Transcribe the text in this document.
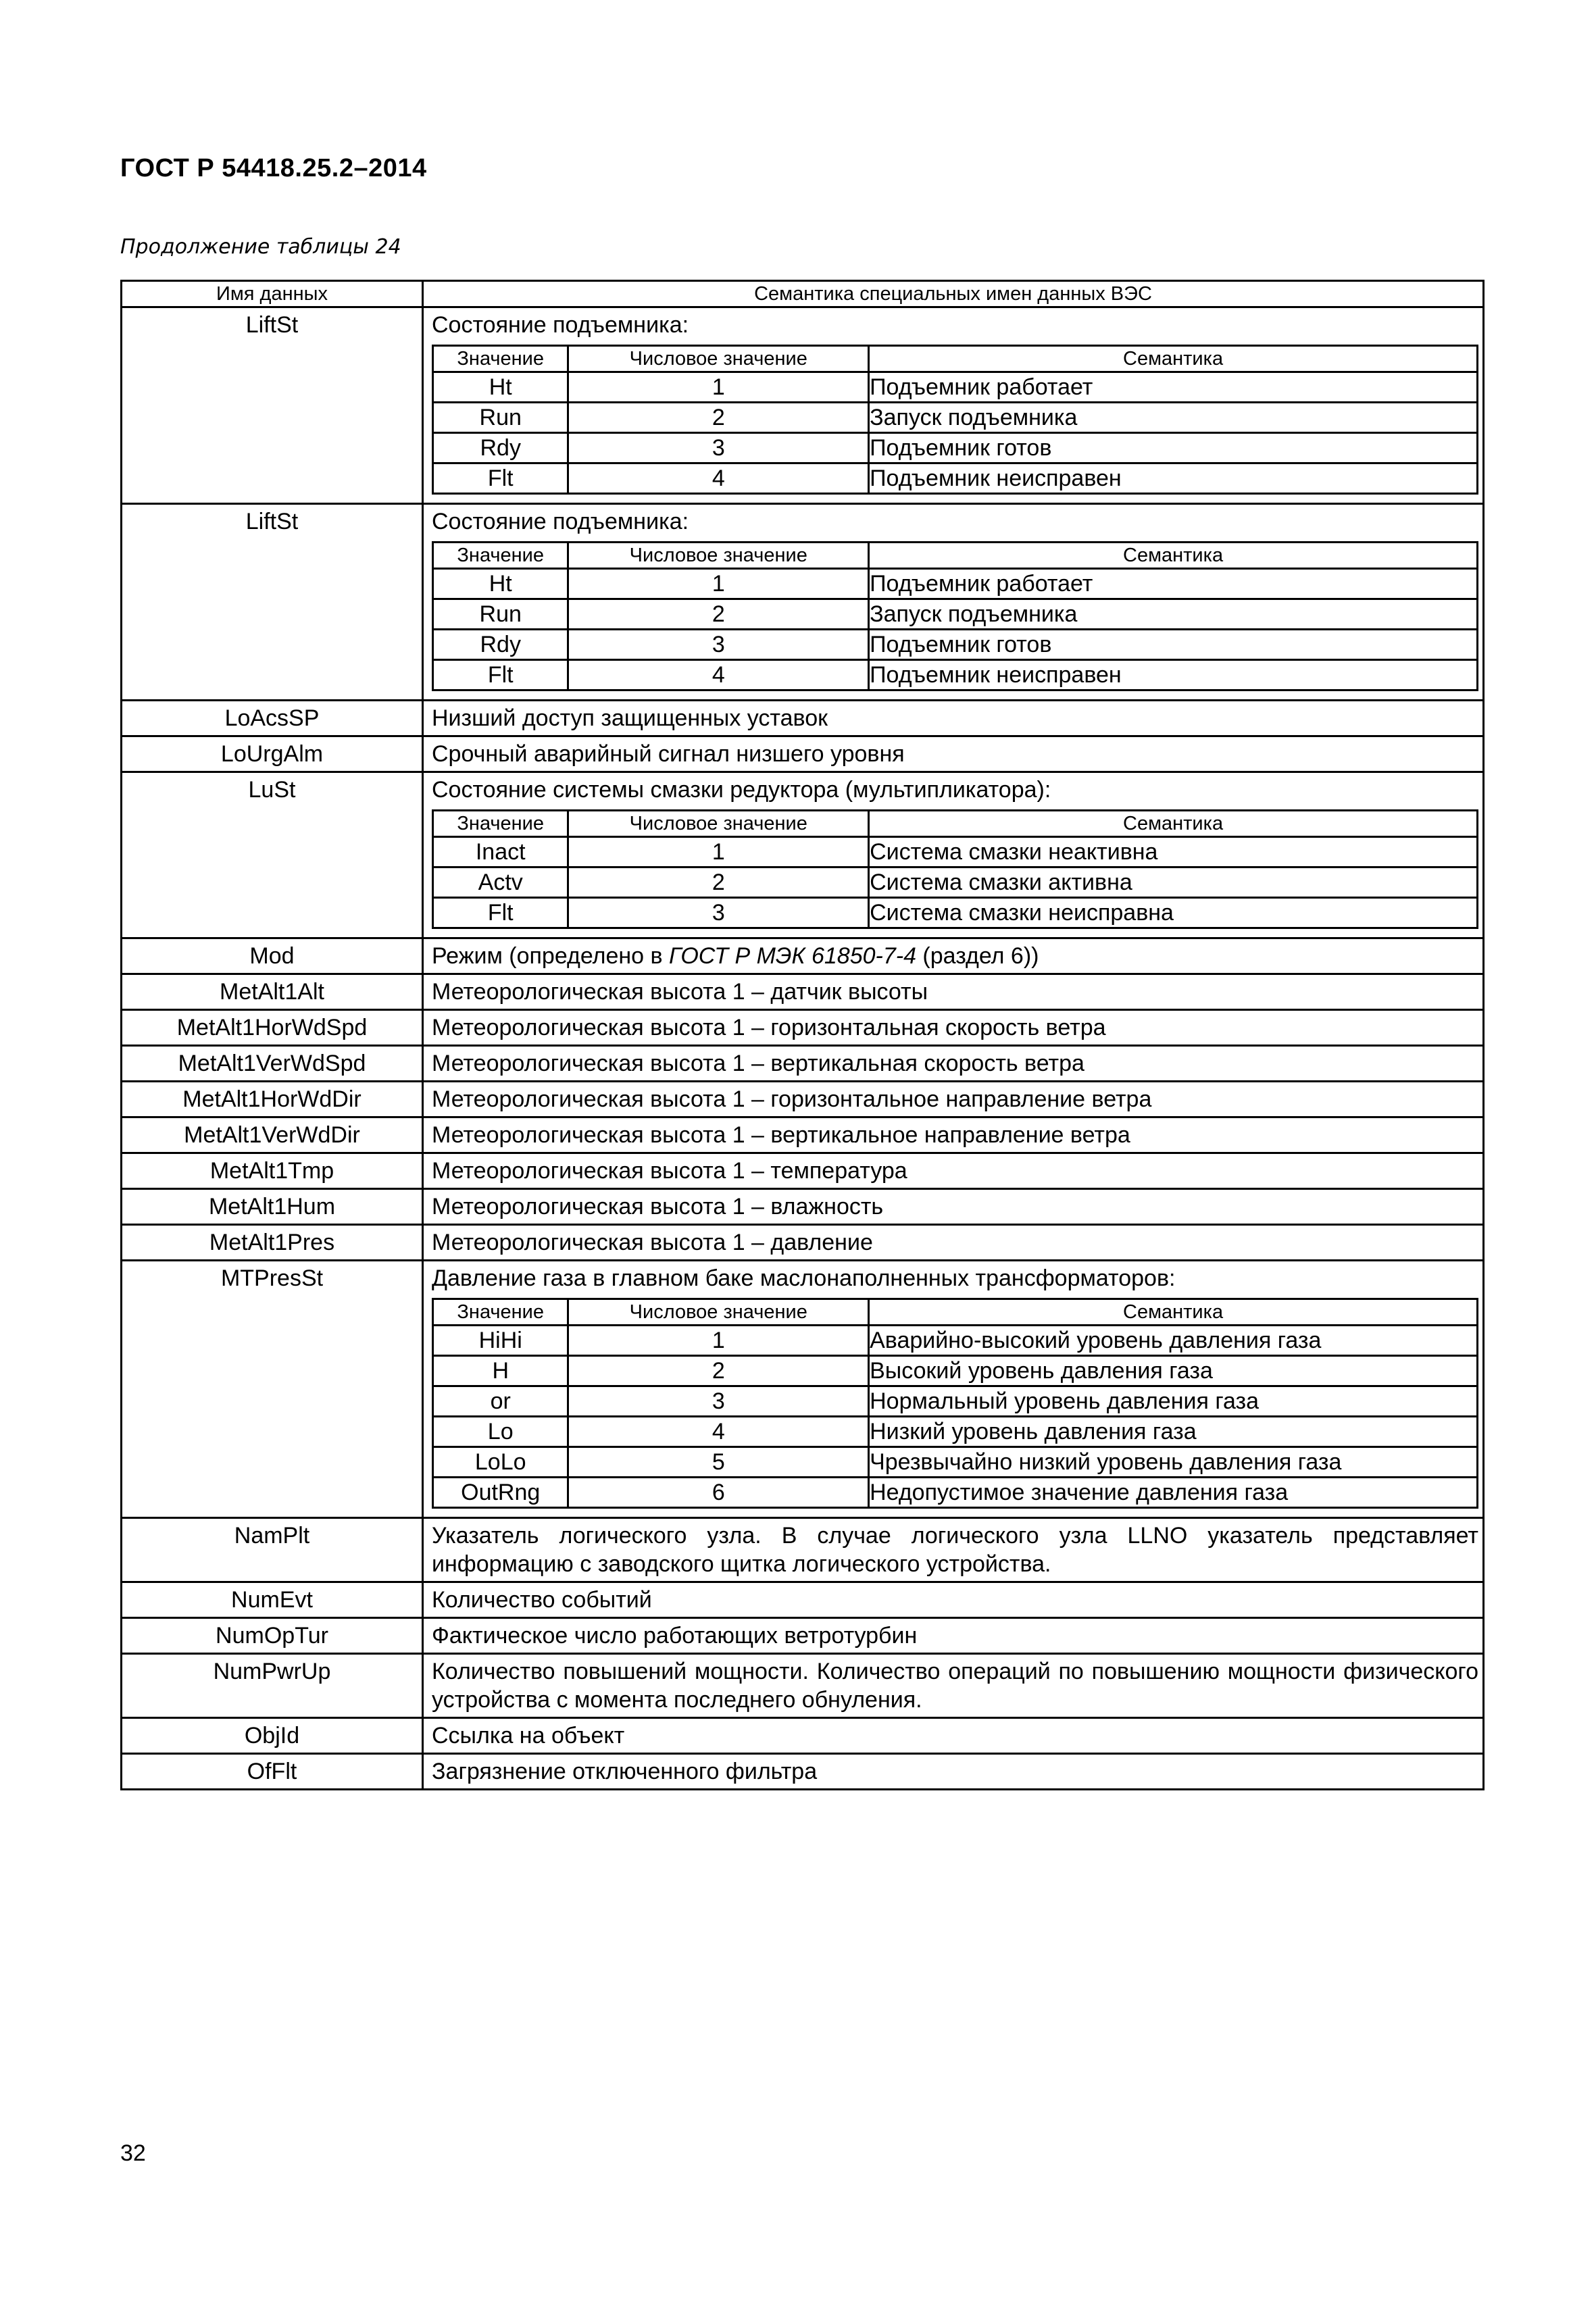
ГОСТ Р 54418.25.2–2014
Продолжение таблицы 24
Имя данных	Семантика специальных имен данных ВЭС
LiftSt	Состояние подъемника:
Значение	Числовое значение	Семантика
Ht	1	Подъемник работает
Run	2	Запуск подъемника
Rdy	3	Подъемник готов
Flt	4	Подъемник неисправен

LiftSt	Состояние подъемника:
Значение	Числовое значение	Семантика
Ht	1	Подъемник работает
Run	2	Запуск подъемника
Rdy	3	Подъемник готов
Flt	4	Подъемник неисправен

LoAcsSP	Низший доступ защищенных уставок

LoUrgAlm	Срочный аварийный сигнал низшего уровня

LuSt	Состояние системы смазки редуктора (мультипликатора):
Значение	Числовое значение	Семантика
Inact	1	Система смазки неактивна
Actv	2	Система смазки активна
Flt	3	Система смазки неисправна

Mod	Режим (определено в ГОСТ Р МЭК 61850-7-4 (раздел 6))
MetAlt1Alt	Метеорологическая высота 1 – датчик высоты

MetAlt1HorWdSpd	Метеорологическая высота 1 – горизонтальная скорость ветра

MetAlt1VerWdSpd	Метеорологическая высота 1 – вертикальная скорость ветра

MetAlt1HorWdDir	Метеорологическая высота 1 – горизонтальное направление ветра

MetAlt1VerWdDir	Метеорологическая высота 1 – вертикальное направление ветра

MetAlt1Tmp	Метеорологическая высота 1 – температура

MetAlt1Hum	Метеорологическая высота 1 – влажность

MetAlt1Pres	Метеорологическая высота 1 – давление

MTPresSt	Давление газа в главном баке маслонаполненных трансформаторов:
Значение	Числовое значение	Семантика
HiHi	1	Аварийно-высокий уровень давления газа
H	2	Высокий уровень давления газа
or	3	Нормальный уровень давления газа
Lo	4	Низкий уровень давления газа
LoLo	5	Чрезвычайно низкий уровень давления газа
OutRng	6	Недопустимое значение давления газа

NamPlt	Указатель логического узла. В случае логического узла LLNO указатель представляет информацию с заводского щитка логического устройства.

NumEvt	Количество событий

NumOpTur	Фактическое число работающих ветротурбин

NumPwrUp	Количество повышений мощности. Количество операций по повышению мощности физического устройства с момента последнего обнуления.

ObjId	Ссылка на объект

OfFlt	Загрязнение отключенного фильтра
32
